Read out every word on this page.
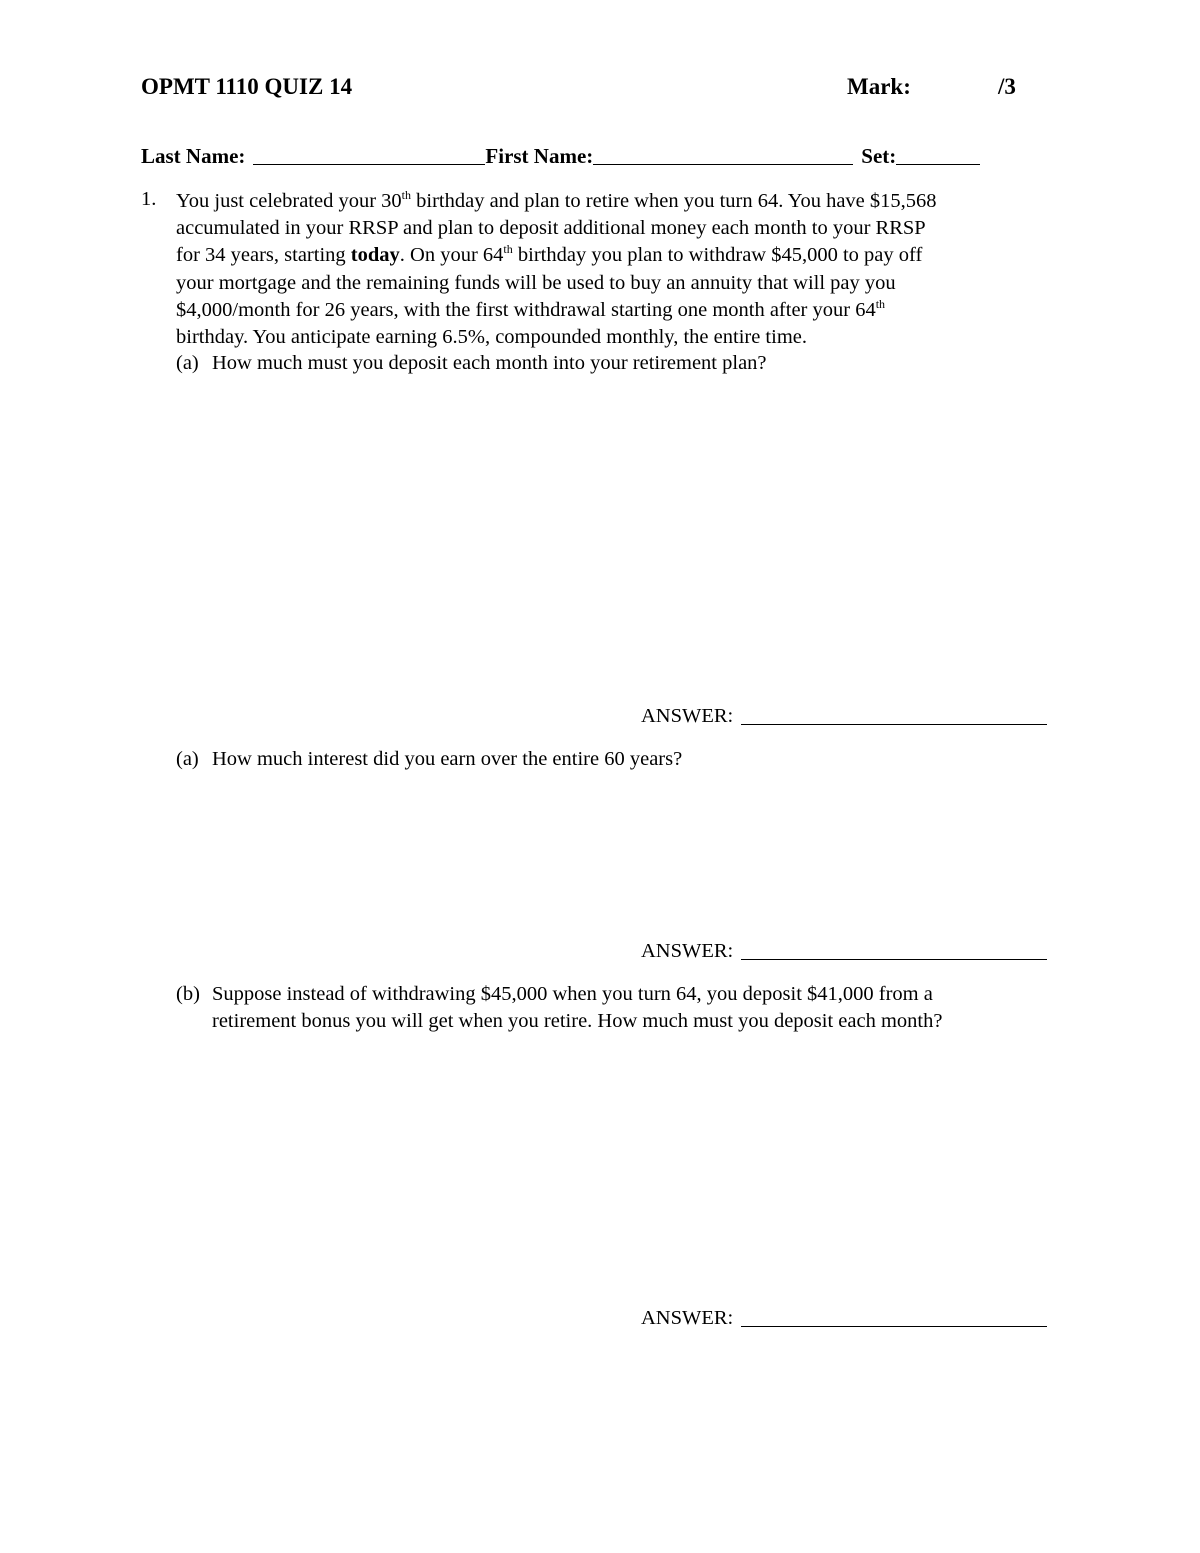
OPMT 1110 QUIZ 14	Mark:	/3
Last Name:	First Name:	Set:
1. You just celebrated your 30th birthday and plan to retire when you turn 64. You have $15,568
accumulated in your RRSP and plan to deposit additional money each month to your RRSP
for 34 years, starting today. On your 64th birthday you plan to withdraw $45,000 to pay off
your mortgage and the remaining funds will be used to buy an annuity that will pay you
$4,000/month for 26 years, with the first withdrawal starting one month after your 64th
birthday. You anticipate earning 6.5%, compounded monthly, the entire time.
(a) How much must you deposit each month into your retirement plan?
ANSWER:
(a) How much interest did you earn over the entire 60 years?
ANSWER:
(b) Suppose instead of withdrawing $45,000 when you turn 64, you deposit $41,000 from a
retirement bonus you will get when you retire. How much must you deposit each month?
ANSWER:
